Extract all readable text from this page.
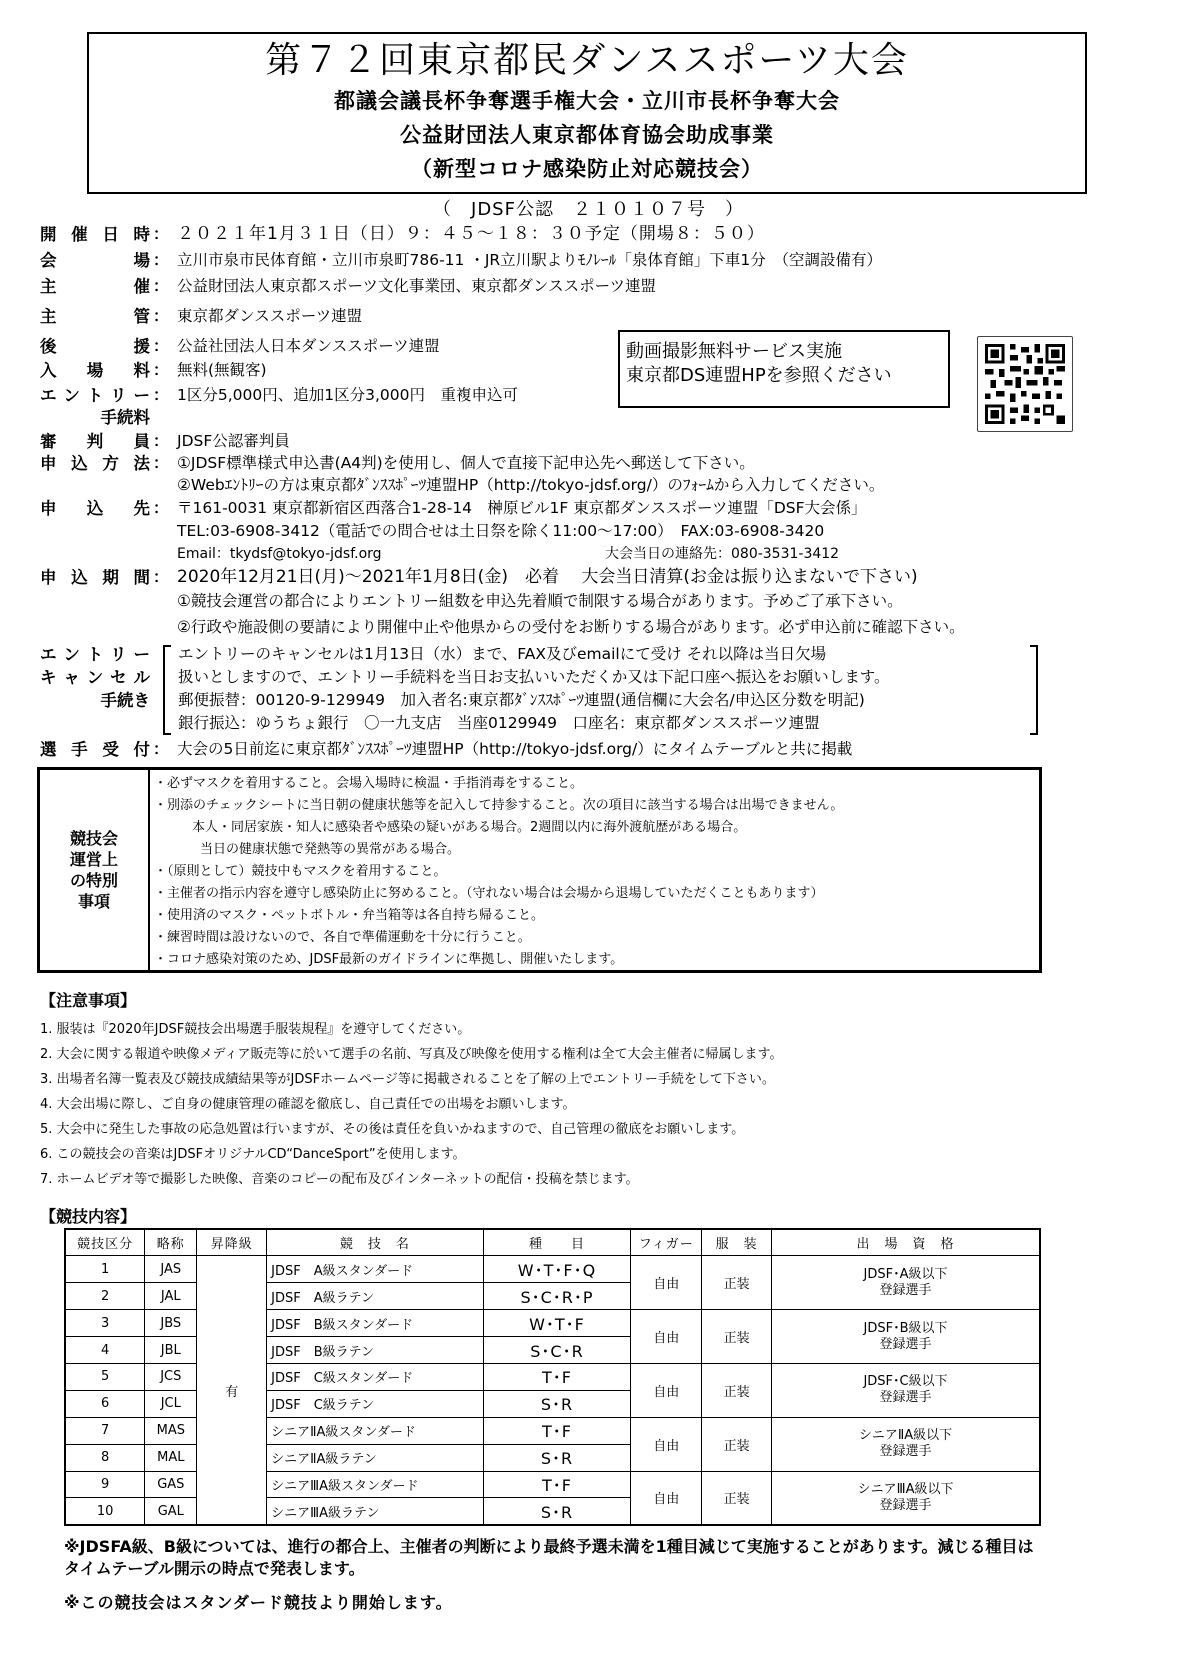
第７２回東京都民ダンススポーツ大会
都議会議長杯争奪選手権大会・立川市長杯争奪大会
公益財団法人東京都体育協会助成事業
（新型コロナ感染防止対応競技会）
（　JDSF公認　２１０１０７号　）
開催日時 ： ２０２１年1月３１日（日）９：４５～１８：３０予定（開場８：５０）
会場 ： 立川市泉市民体育館・立川市泉町786-11 ・JR立川駅よりﾓﾉﾚｰﾙ「泉体育館」下車1分　（空調設備有）
主催 ： 公益財団法人東京都スポーツ文化事業団、東京都ダンススポーツ連盟
主管 ： 東京都ダンススポーツ連盟
後援 ： 公益社団法人日本ダンススポーツ連盟
入場料 ： 無料(無観客)
エントリー ： 1区分5,000円、追加1区分3,000円　重複申込可
手続料
審判員 ： JDSF公認審判員
申込方法 ： ①JDSF標準様式申込書(A4判)を使用し、個人で直接下記申込先へ郵送して下さい。
②Webｴﾝﾄﾘｰの方は東京都ﾀﾞﾝｽｽﾎﾟｰﾂ連盟HP（http://tokyo-jdsf.org/）のﾌｫｰﾑから入力してください。
申込先 ： 〒161-0031 東京都新宿区西落合1-28-14　榊原ビル1F 東京都ダンススポーツ連盟「DSF大会係」
TEL:03-6908-3412（電話での問合せは土日祭を除く11:00～17:00）　FAX:03-6908-3420
Email：tkydsf@tokyo-jdsf.org	大会当日の連絡先：080-3531-3412
申込期間 ： 2020年12月21日(月)～2021年1月8日(金)　必着　 大会当日清算(お金は振り込まないで下さい)
①競技会運営の都合によりエントリー組数を申込先着順で制限する場合があります。予めご了承下さい。
②行政や施設側の要請により開催中止や他県からの受付をお断りする場合があります。必ず申込前に確認下さい。
エントリー エントリーのキャンセルは1月13日（水）まで、FAX及びemailにて受け それ以降は当日欠場
キャンセル 扱いとしますので、エントリー手続料を当日お支払いいただくか又は下記口座へ振込をお願いします。
手続き 郵便振替：00120-9-129949　加入者名:東京都ﾀﾞﾝｽｽﾎﾟｰﾂ連盟(通信欄に大会名/申込区分数を明記)
銀行振込：ゆうちょ銀行　〇一九支店　当座0129949　口座名：東京都ダンススポーツ連盟
選手受付 ： 大会の5日前迄に東京都ﾀﾞﾝｽｽﾎﾟｰﾂ連盟HP（http://tokyo-jdsf.org/）にタイムテーブルと共に掲載
動画撮影無料サービス実施
東京都DS連盟HPを参照ください
競技会
運営上
の特別
事項
・必ずマスクを着用すること。会場入場時に検温・手指消毒をすること。
・別添のチェックシートに当日朝の健康状態等を記入して持参すること。次の項目に該当する場合は出場できません。
本人・同居家族・知人に感染者や感染の疑いがある場合。2週間以内に海外渡航歴がある場合。
当日の健康状態で発熱等の異常がある場合。
・（原則として）競技中もマスクを着用すること。
・主催者の指示内容を遵守し感染防止に努めること。（守れない場合は会場から退場していただくこともあります）
・使用済のマスク・ペットボトル・弁当箱等は各自持ち帰ること。
・練習時間は設けないので、各自で準備運動を十分に行うこと。
・コロナ感染対策のため、JDSF最新のガイドラインに準拠し、開催いたします。
【注意事項】
1. 服装は『2020年JDSF競技会出場選手服装規程』を遵守してください。
2. 大会に関する報道や映像メディア販売等に於いて選手の名前、写真及び映像を使用する権利は全て大会主催者に帰属します。
3. 出場者名簿一覧表及び競技成績結果等がJDSFホームページ等に掲載されることを了解の上でエントリー手続をして下さい。
4. 大会出場に際し、ご自身の健康管理の確認を徹底し、自己責任での出場をお願いします。
5. 大会中に発生した事故の応急処置は行いますが、その後は責任を負いかねますので、自己管理の徹底をお願いします。
6. この競技会の音楽はJDSFオリジナルCD“DanceSport”を使用します。
7. ホームビデオ等で撮影した映像、音楽のコピーの配布及びインターネットの配信・投稿を禁じます。
【競技内容】
競技区分	略称	昇降級	競　技　名	種　　目	フィガー	服　装	出　場　資　格
1	JAS	有	JDSF　A級スタンダード	W･T･F･Q	自由	正装	JDSF･A級以下
登録選手

2	JAL		JDSF　A級ラテン	S･C･R･P			
3	JBS		JDSF　B級スタンダード	W･T･F	自由	正装	JDSF･B級以下
登録選手

4	JBL		JDSF　B級ラテン	S･C･R			
5	JCS		JDSF　C級スタンダード	T･F	自由	正装	JDSF･C級以下
登録選手

6	JCL		JDSF　C級ラテン	S･R			
7	MAS		シニアⅡA級スタンダード	T･F	自由	正装	シニアⅡA級以下
登録選手

8	MAL		シニアⅡA級ラテン	S･R			
9	GAS		シニアⅢA級スタンダード	T･F	自由	正装	シニアⅢA級以下
登録選手

10	GAL		シニアⅢA級ラテン	S･R			
※JDSFA級、B級については、進行の都合上、主催者の判断により最終予選未満を1種目減じて実施することがあります。減じる種目はタイムテーブル開示の時点で発表します。
※この競技会はスタンダード競技より開始します。
